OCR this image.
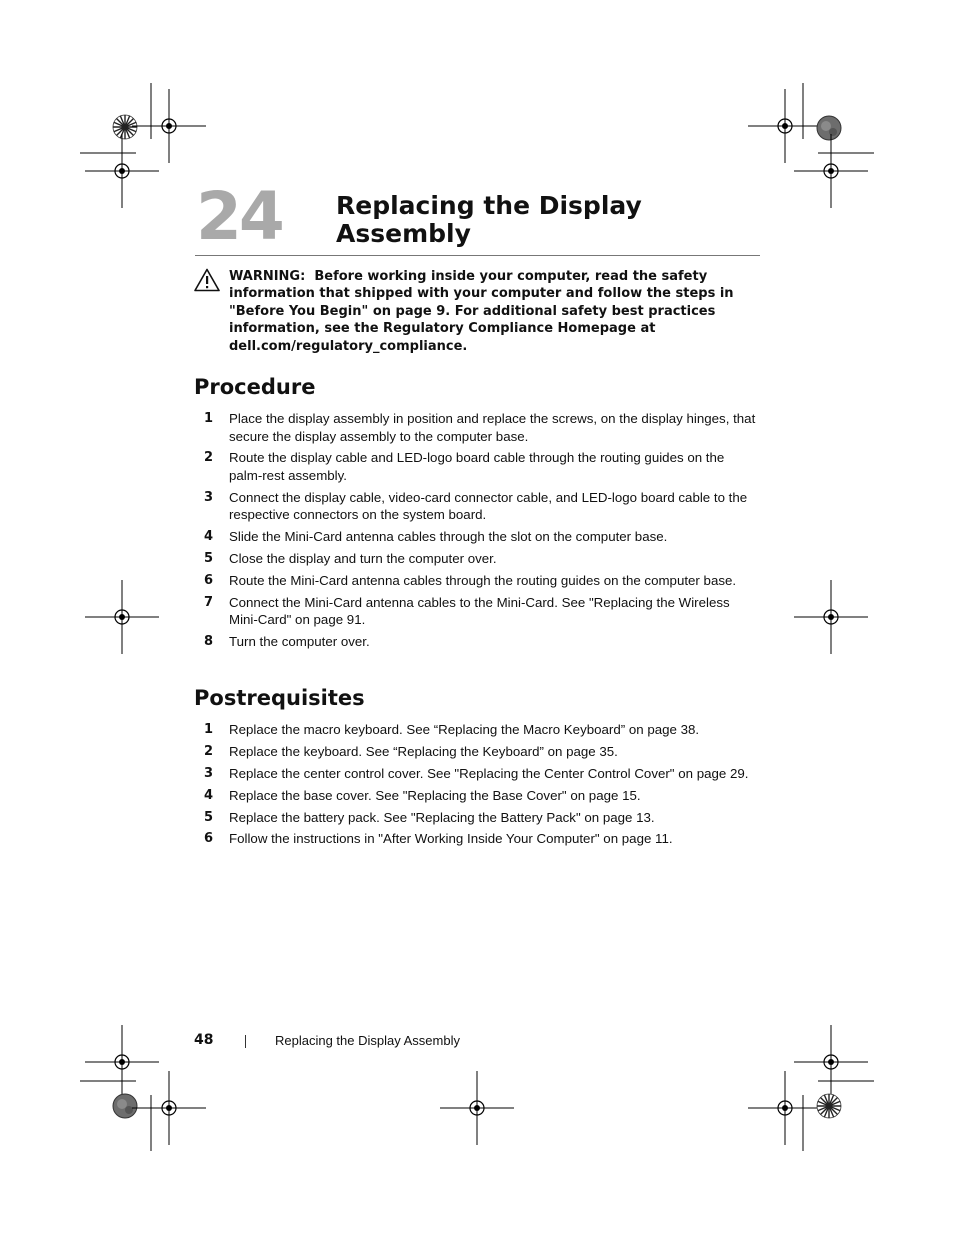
24 Replacing the Display
Assembly
WARNING: Before working inside your computer, read the safety information that shipped with your computer and follow the steps in "Before You Begin" on page 9. For additional safety best practices information, see the Regulatory Compliance Homepage at dell.com/regulatory_compliance.
Procedure
1 Place the display assembly in position and replace the screws, on the display hinges, that secure the display assembly to the computer base.
2 Route the display cable and LED-logo board cable through the routing guides on the palm-rest assembly.
3 Connect the display cable, video-card connector cable, and LED-logo board cable to the respective connectors on the system board.
4 Slide the Mini-Card antenna cables through the slot on the computer base.
5 Close the display and turn the computer over.
6 Route the Mini-Card antenna cables through the routing guides on the computer base.
7 Connect the Mini-Card antenna cables to the Mini-Card. See "Replacing the Wireless Mini-Card" on page 91.
8 Turn the computer over.
Postrequisites
1 Replace the macro keyboard. See “Replacing the Macro Keyboard” on page 38.
2 Replace the keyboard. See “Replacing the Keyboard” on page 35.
3 Replace the center control cover. See "Replacing the Center Control Cover" on page 29.
4 Replace the base cover. See "Replacing the Base Cover" on page 15.
5 Replace the battery pack. See "Replacing the Battery Pack" on page 13.
6 Follow the instructions in "After Working Inside Your Computer" on page 11.
48	Replacing the Display Assembly
